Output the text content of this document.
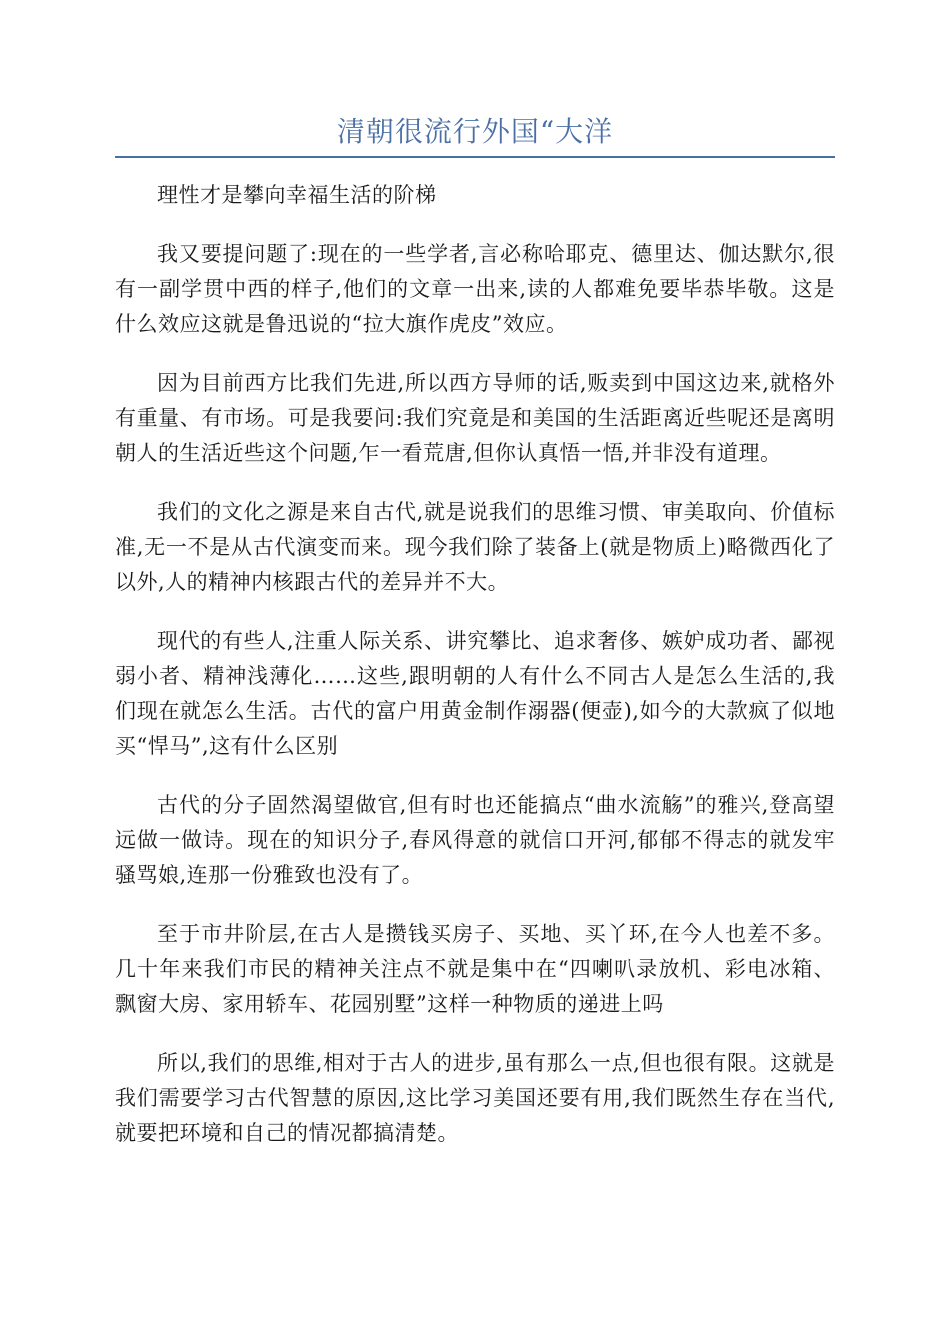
清朝很流行外国“大洋

理性才是攀向幸福生活的阶梯

我又要提问题了:现在的一些学者,言必称哈耶克、德里达、伽达默尔,很有一副学贯中西的样子,他们的文章一出来,读的人都难免要毕恭毕敬。这是什么效应这就是鲁迅说的“拉大旗作虎皮”效应。

因为目前西方比我们先进,所以西方导师的话,贩卖到中国这边来,就格外有重量、有市场。可是我要问:我们究竟是和美国的生活距离近些呢还是离明朝人的生活近些这个问题,乍一看荒唐,但你认真悟一悟,并非没有道理。

我们的文化之源是来自古代,就是说我们的思维习惯、审美取向、价值标准,无一不是从古代演变而来。现今我们除了装备上(就是物质上)略微西化了以外,人的精神内核跟古代的差异并不大。

现代的有些人,注重人际关系、讲究攀比、追求奢侈、嫉妒成功者、鄙视弱小者、精神浅薄化……这些,跟明朝的人有什么不同古人是怎么生活的,我们现在就怎么生活。古代的富户用黄金制作溺器(便壶),如今的大款疯了似地买“悍马”,这有什么区别

古代的分子固然渴望做官,但有时也还能搞点“曲水流觞”的雅兴,登高望远做一做诗。现在的知识分子,春风得意的就信口开河,郁郁不得志的就发牢骚骂娘,连那一份雅致也没有了。

至于市井阶层,在古人是攒钱买房子、买地、买丫环,在今人也差不多。几十年来我们市民的精神关注点不就是集中在“四喇叭录放机、彩电冰箱、飘窗大房、家用轿车、花园别墅”这样一种物质的递进上吗

所以,我们的思维,相对于古人的进步,虽有那么一点,但也很有限。这就是我们需要学习古代智慧的原因,这比学习美国还要有用,我们既然生存在当代,就要把环境和自己的情况都搞清楚。
